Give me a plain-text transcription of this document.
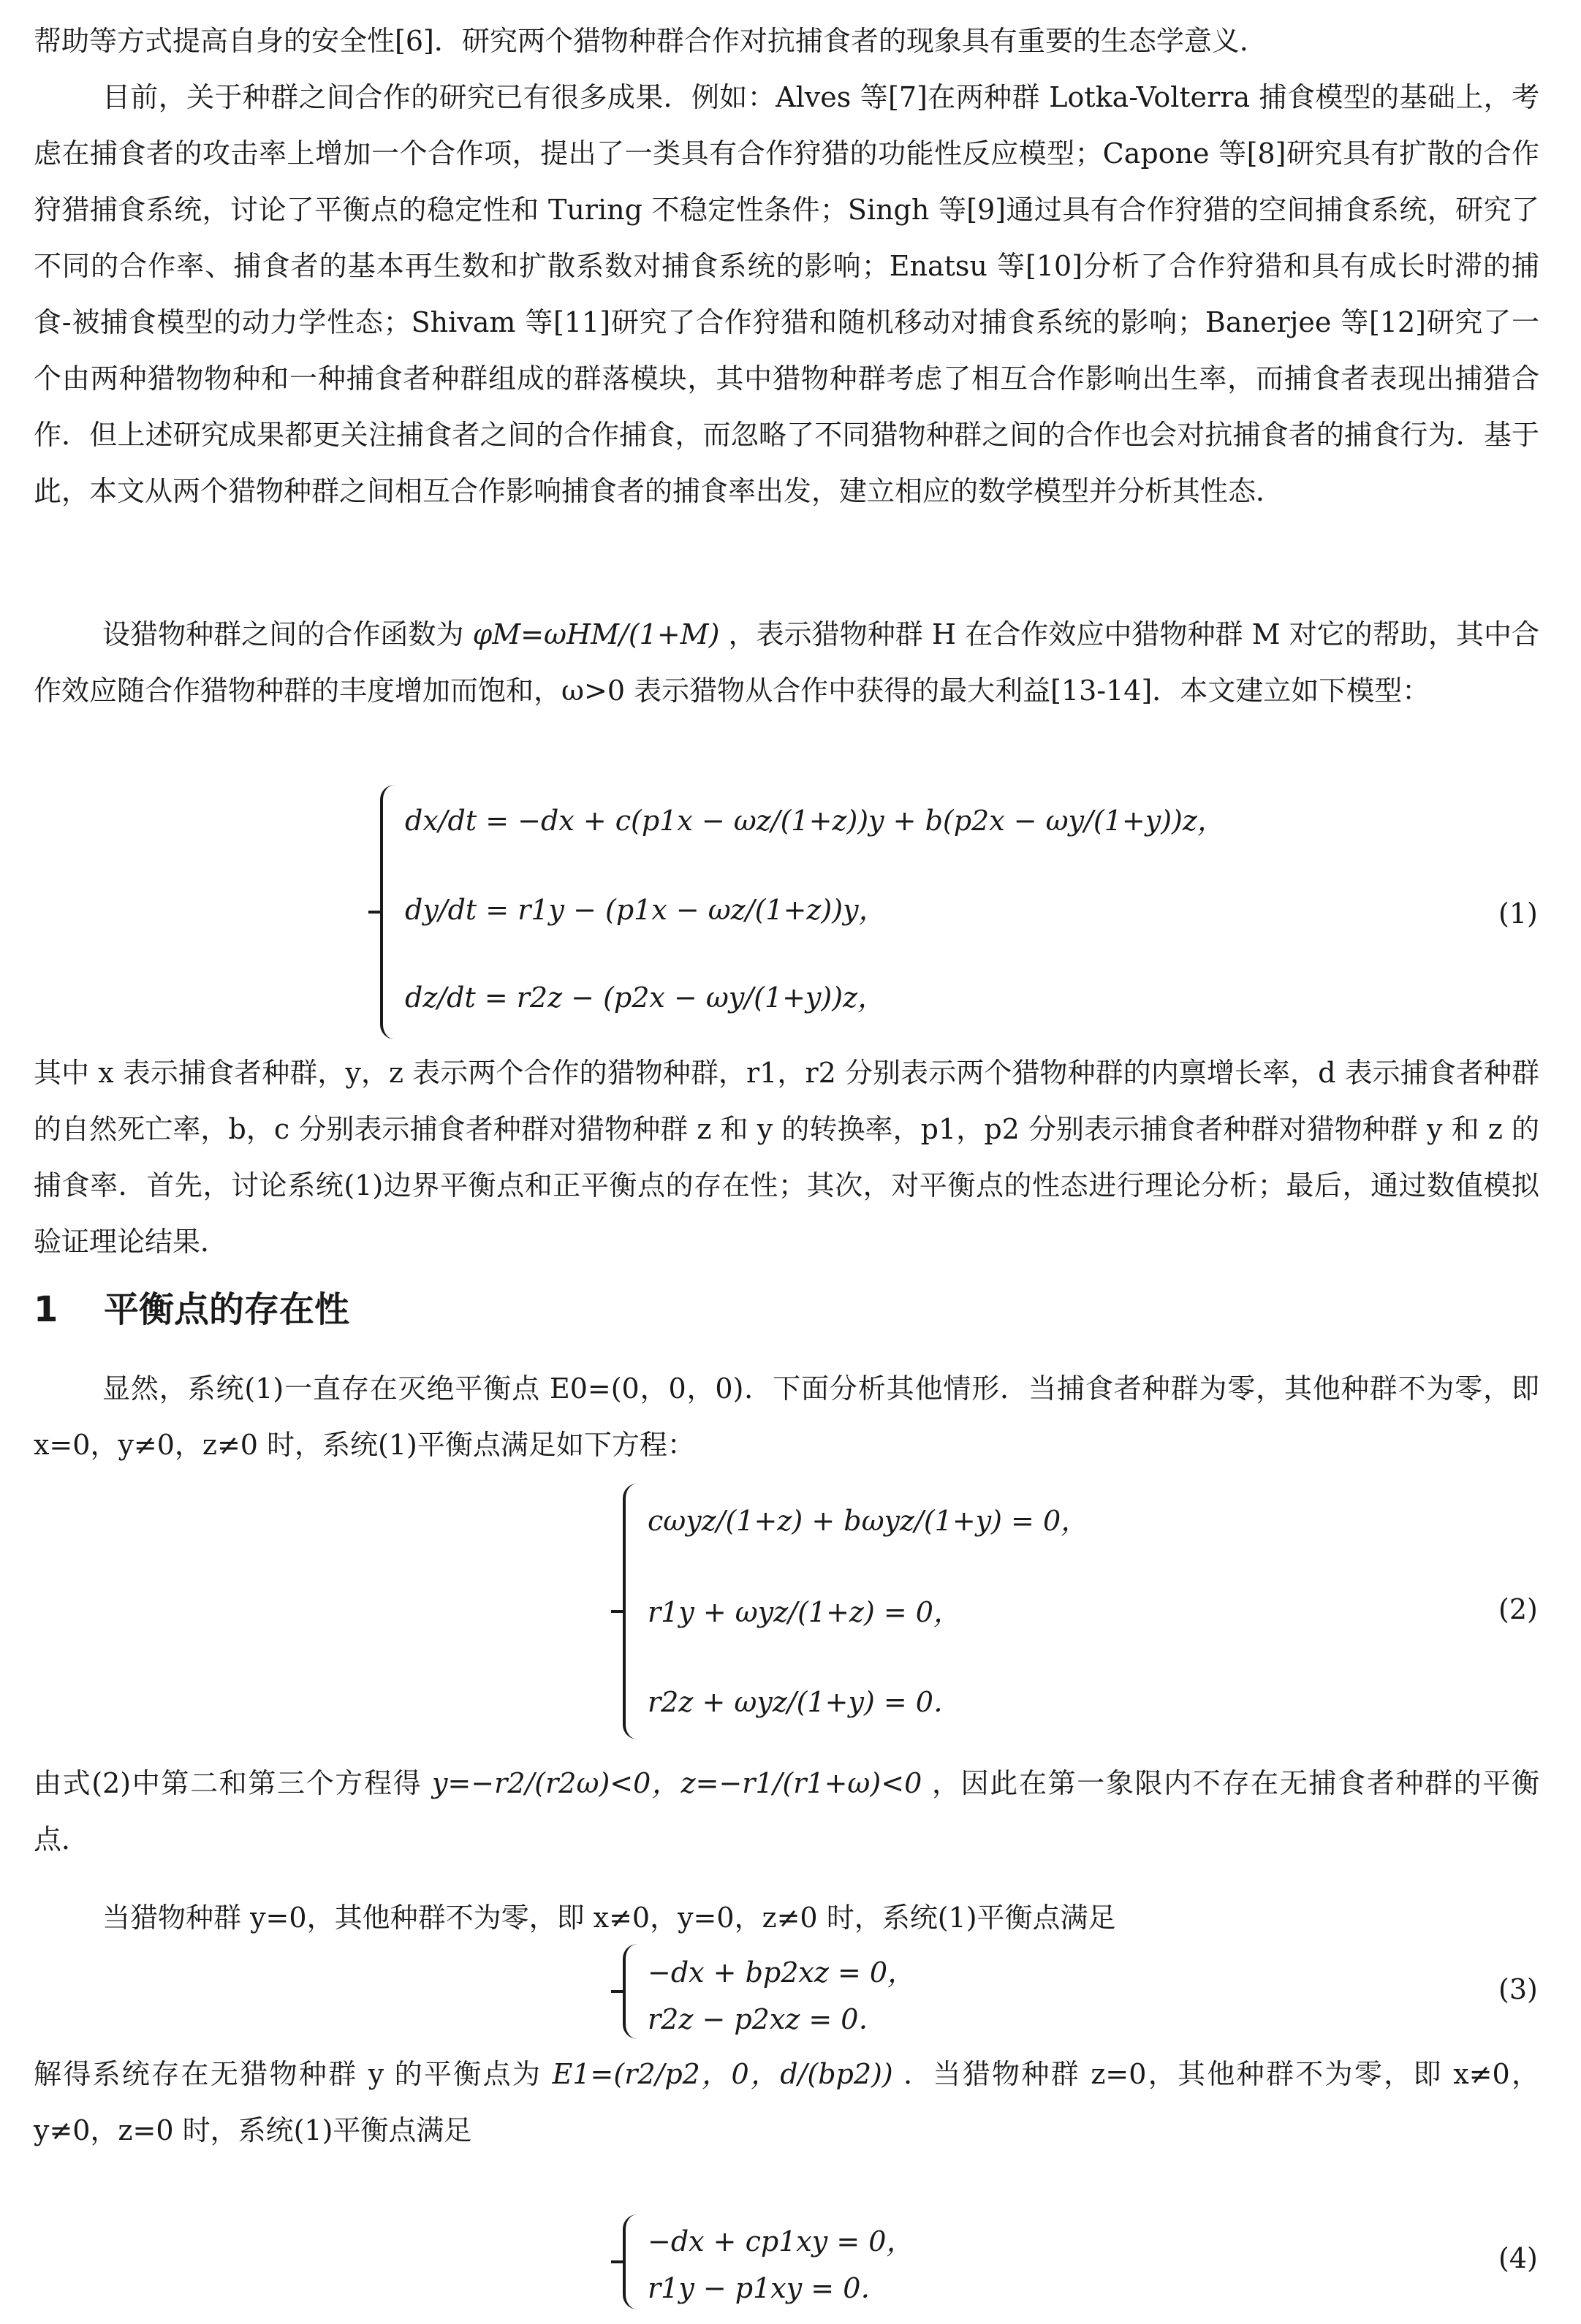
帮助等方式提高自身的安全性[6]．研究两个猎物种群合作对抗捕食者的现象具有重要的生态学意义．

目前，关于种群之间合作的研究已有很多成果．例如：Alves 等[7]在两种群 Lotka-Volterra 捕食模型的基础上，考虑在捕食者的攻击率上增加一个合作项，提出了一类具有合作狩猎的功能性反应模型；Capone 等[8]研究具有扩散的合作狩猎捕食系统，讨论了平衡点的稳定性和 Turing 不稳定性条件；Singh 等[9]通过具有合作狩猎的空间捕食系统，研究了不同的合作率、捕食者的基本再生数和扩散系数对捕食系统的影响；Enatsu 等[10]分析了合作狩猎和具有成长时滞的捕食-被捕食模型的动力学性态；Shivam 等[11]研究了合作狩猎和随机移动对捕食系统的影响；Banerjee 等[12]研究了一个由两种猎物物种和一种捕食者种群组成的群落模块，其中猎物种群考虑了相互合作影响出生率，而捕食者表现出捕猎合作．但上述研究成果都更关注捕食者之间的合作捕食，而忽略了不同猎物种群之间的合作也会对抗捕食者的捕食行为．基于此，本文从两个猎物种群之间相互合作影响捕食者的捕食率出发，建立相应的数学模型并分析其性态．

设猎物种群之间的合作函数为 φM=ωHM/(1+M) ，表示猎物种群 H 在合作效应中猎物种群 M 对它的帮助，其中合作效应随合作猎物种群的丰度增加而饱和，ω>0 表示猎物从合作中获得的最大利益[13-14]．本文建立如下模型：

dx/dt = −dx + c(p1x − ωz/(1+z))y + b(p2x − ωy/(1+y))z，
dy/dt = r1y − (p1x − ωz/(1+z))y，
dz/dt = r2z − (p2x − ωy/(1+y))z，
(1)

其中 x 表示捕食者种群，y，z 表示两个合作的猎物种群，r1，r2 分别表示两个猎物种群的内禀增长率，d 表示捕食者种群的自然死亡率，b，c 分别表示捕食者种群对猎物种群 z 和 y 的转换率，p1，p2 分别表示捕食者种群对猎物种群 y 和 z 的捕食率．首先，讨论系统(1)边界平衡点和正平衡点的存在性；其次，对平衡点的性态进行理论分析；最后，通过数值模拟验证理论结果．

1 平衡点的存在性

显然，系统(1)一直存在灭绝平衡点 E0=(0，0，0)．下面分析其他情形．当捕食者种群为零，其他种群不为零，即 x=0，y≠0，z≠0 时，系统(1)平衡点满足如下方程：

cωyz/(1+z) + bωyz/(1+y) = 0，
r1y + ωyz/(1+z) = 0，
r2z + ωyz/(1+y) = 0．
(2)

由式(2)中第二和第三个方程得 y=−r2/(r2ω)<0，z=−r1/(r1+ω)<0 ，因此在第一象限内不存在无捕食者种群的平衡点．

当猎物种群 y=0，其他种群不为零，即 x≠0，y=0，z≠0 时，系统(1)平衡点满足

−dx + bp2xz = 0，
r2z − p2xz = 0．
(3)

解得系统存在无猎物种群 y 的平衡点为 E1=(r2/p2，0，d/(bp2)) ．当猎物种群 z=0，其他种群不为零，即 x≠0，y≠0，z=0 时，系统(1)平衡点满足

−dx + cp1xy = 0，
r1y − p1xy = 0．
(4)
